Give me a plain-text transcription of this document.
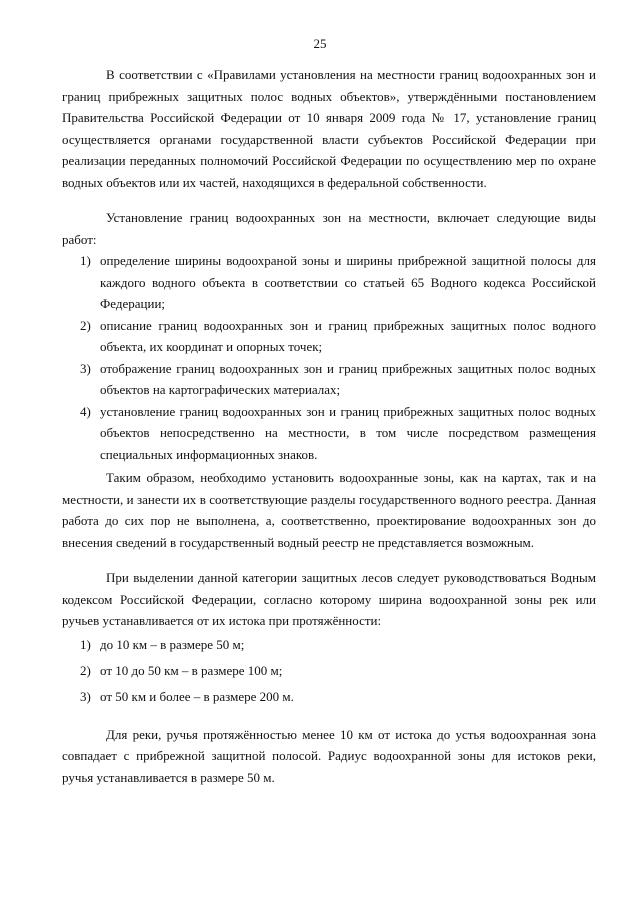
25

В соответствии с «Правилами установления на местности границ водоохранных зон и границ прибрежных защитных полос водных объектов», утверждёнными постановлением Правительства Российской Федерации от 10 января 2009 года № 17, установление границ осуществляется органами государственной власти субъектов Российской Федерации при реализации переданных полномочий Российской Федерации по осуществлению мер по охране водных объектов или их частей, находящихся в федеральной собственности.

Установление границ водоохранных зон на местности, включает следующие виды работ:

1) определение ширины водоохраной зоны и ширины прибрежной защитной полосы для каждого водного объекта в соответствии со статьей 65 Водного кодекса Российской Федерации;
2) описание границ водоохранных зон и границ прибрежных защитных полос водного объекта, их координат и опорных точек;
3) отображение границ водоохранных зон и границ прибрежных защитных полос водных объектов на картографических материалах;
4) установление границ водоохранных зон и границ прибрежных защитных полос водных объектов непосредственно на местности, в том числе посредством размещения специальных информационных знаков.

Таким образом, необходимо установить водоохранные зоны, как на картах, так и на местности, и занести их в соответствующие разделы государственного водного реестра. Данная работа до сих пор не выполнена, а, соответственно, проектирование водоохранных зон до внесения сведений в государственный водный реестр не представляется возможным.

При выделении данной категории защитных лесов следует руководствоваться Водным кодексом Российской Федерации, согласно которому ширина водоохранной зоны рек или ручьев устанавливается от их истока при протяжённости:

1) до 10 км – в размере 50 м;
2) от 10 до 50 км – в размере 100 м;
3) от 50 км и более – в размере 200 м.

Для реки, ручья протяжённостью менее 10 км от истока до устья водоохранная зона совпадает с прибрежной защитной полосой. Радиус водоохранной зоны для истоков реки, ручья устанавливается в размере 50 м.
